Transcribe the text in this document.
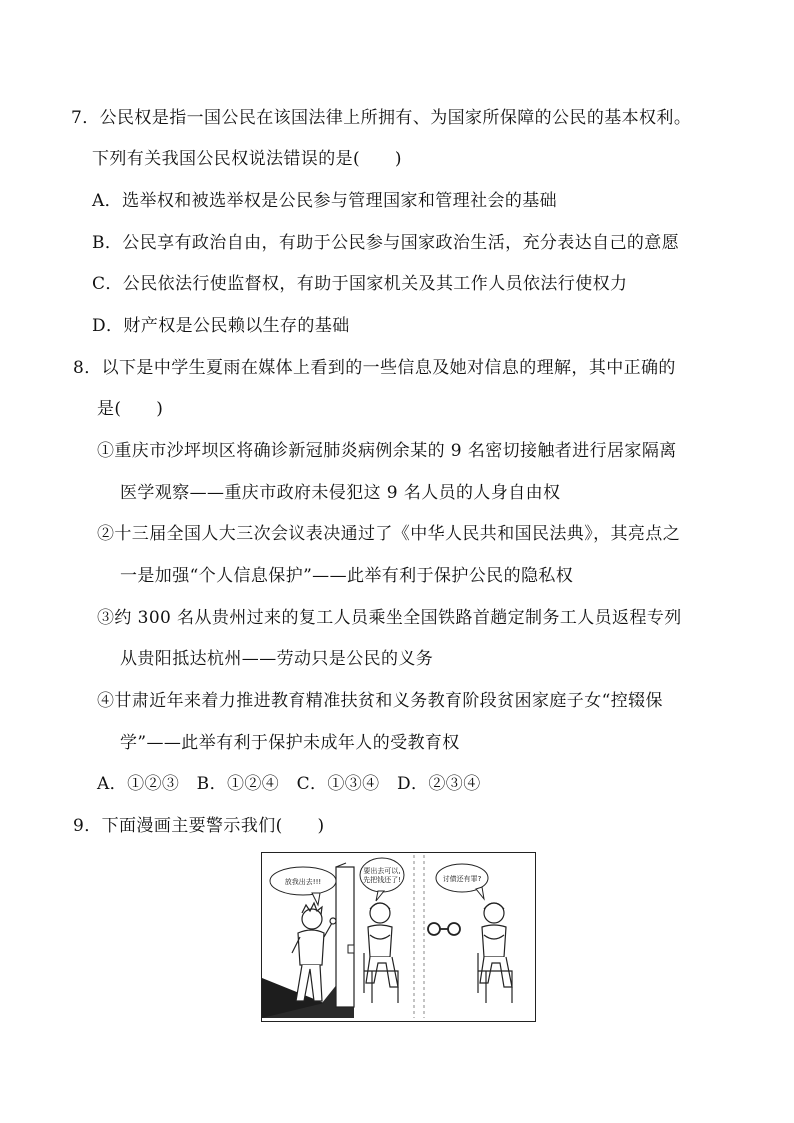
7．公民权是指一国公民在该国法律上所拥有、为国家所保障的公民的基本权利。
下列有关我国公民权说法错误的是(　　)
A．选举权和被选举权是公民参与管理国家和管理社会的基础
B．公民享有政治自由，有助于公民参与国家政治生活，充分表达自己的意愿
C．公民依法行使监督权，有助于国家机关及其工作人员依法行使权力
D．财产权是公民赖以生存的基础
8．以下是中学生夏雨在媒体上看到的一些信息及她对信息的理解，其中正确的
是(　　)
①重庆市沙坪坝区将确诊新冠肺炎病例余某的 9 名密切接触者进行居家隔离
医学观察——重庆市政府未侵犯这 9 名人员的人身自由权
②十三届全国人大三次会议表决通过了《中华人民共和国民法典》，其亮点之
一是加强“个人信息保护”——此举有利于保护公民的隐私权
③约 300 名从贵州过来的复工人员乘坐全国铁路首趟定制务工人员返程专列
从贵阳抵达杭州——劳动只是公民的义务
④甘肃近年来着力推进教育精准扶贫和义务教育阶段贫困家庭子女“控辍保
学”——此举有利于保护未成年人的受教育权
A．①②③　B．①②④　C．①③④　D．②③④
9．下面漫画主要警示我们(　　)
放我出去!!!
要出去可以,
先把钱还了!	讨债还有罪?
